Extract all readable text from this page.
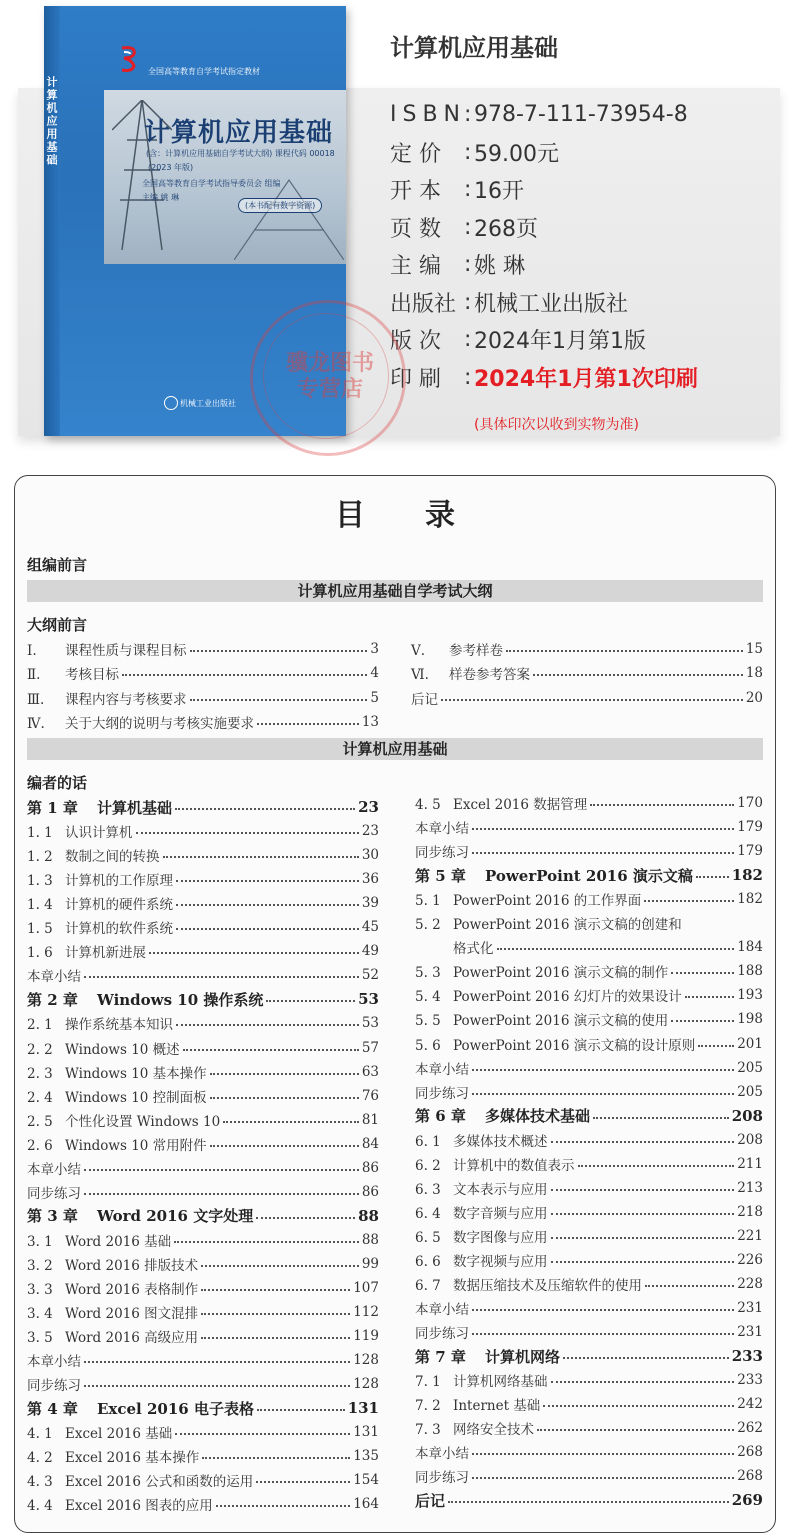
计算机应用基础
全国高等教育自学考试指定教材
计算机应用基础
(含：计算机应用基础自学考试大纲) 课程代码 00018
(2023 年版)
全国高等教育自学考试指导委员会 组编
主编 姚 琳
(本书配有数字资源)
机械工业出版社
计算机应用基础
ISBN
: 978-7-111-73954-8
定 价	: 59.00元
开 本	: 16开
页 数	: 268页
主 编	: 姚 琳
出版社 : 机械工业出版社
版 次	: 2024年1月第1版
印 刷	: 2024年1月第1次印刷
(具体印次以收到实物为准)
骥龙图书
专营店
目录
组编前言
计算机应用基础自学考试大纲
大纲前言
计算机应用基础
编者的话
Ⅰ. 课程性质与课程目标	3
Ⅱ. 考核目标	4
Ⅲ. 课程内容与考核要求	5
Ⅳ. 关于大纲的说明与考核实施要求	13
Ⅴ. 参考样卷	15
Ⅵ. 样卷参考答案	18
后记	20
第 1 章 计算机基础	23
1. 1 认识计算机	23
1. 2 数制之间的转换	30
1. 3 计算机的工作原理	36
1. 4 计算机的硬件系统	39
1. 5 计算机的软件系统	45
1. 6 计算机新进展	49
本章小结	52
第 2 章 Windows 10 操作系统	53
2. 1 操作系统基本知识	53
2. 2 Windows 10 概述	57
2. 3 Windows 10 基本操作	63
2. 4 Windows 10 控制面板	76
2. 5 个性化设置 Windows 10	81
2. 6 Windows 10 常用附件	84
本章小结	86
同步练习	86
第 3 章 Word 2016 文字处理	88
3. 1 Word 2016 基础	88
3. 2 Word 2016 排版技术	99
3. 3 Word 2016 表格制作	107
3. 4 Word 2016 图文混排	112
3. 5 Word 2016 高级应用	119
本章小结	128
同步练习	128
第 4 章 Excel 2016 电子表格	131
4. 1 Excel 2016 基础	131
4. 2 Excel 2016 基本操作	135
4. 3 Excel 2016 公式和函数的运用	154
4. 4 Excel 2016 图表的应用	164
4. 5 Excel 2016 数据管理	170
本章小结	179
同步练习	179
第 5 章 PowerPoint 2016 演示文稿	182
5. 1 PowerPoint 2016 的工作界面	182
5. 2 PowerPoint 2016 演示文稿的创建和
格式化	184
5. 3 PowerPoint 2016 演示文稿的制作	188
5. 4 PowerPoint 2016 幻灯片的效果设计	193
5. 5 PowerPoint 2016 演示文稿的使用	198
5. 6 PowerPoint 2016 演示文稿的设计原则	201
本章小结	205
同步练习	205
第 6 章 多媒体技术基础	208
6. 1 多媒体技术概述	208
6. 2 计算机中的数值表示	211
6. 3 文本表示与应用	213
6. 4 数字音频与应用	218
6. 5 数字图像与应用	221
6. 6 数字视频与应用	226
6. 7 数据压缩技术及压缩软件的使用	228
本章小结	231
同步练习	231
第 7 章 计算机网络	233
7. 1 计算机网络基础	233
7. 2 Internet 基础	242
7. 3 网络安全技术	262
本章小结	268
同步练习	268
后记	269
